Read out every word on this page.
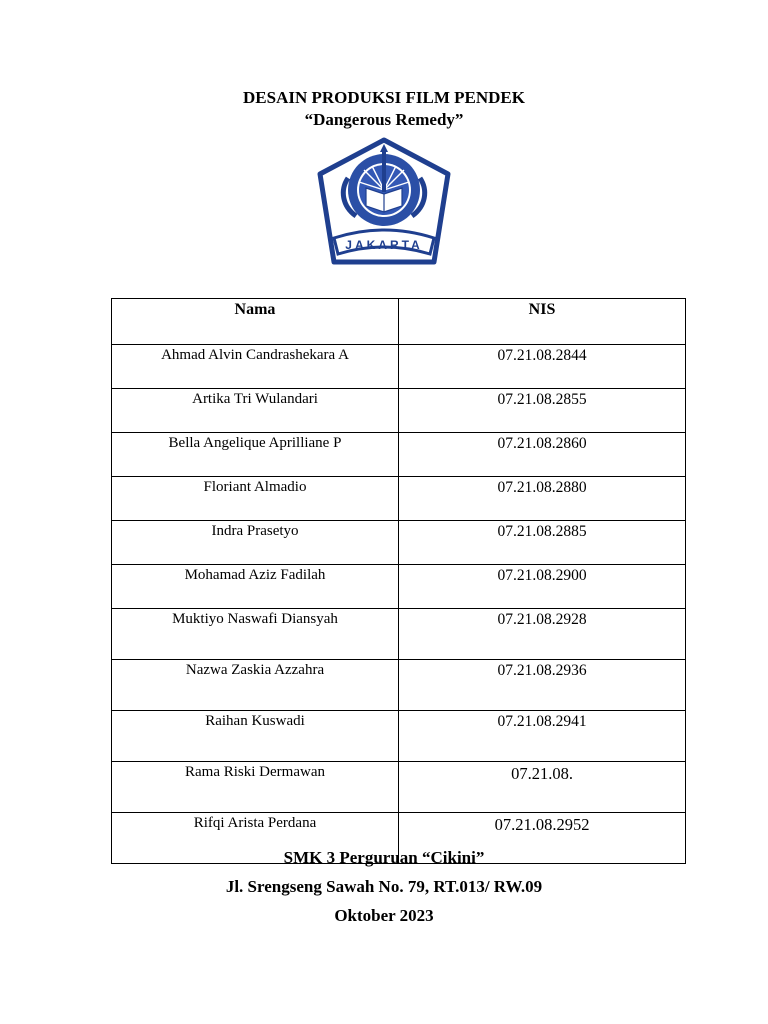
DESAIN PRODUKSI FILM PENDEK
“Dangerous Remedy”
JAKARTA
Nama	NIS
Ahmad Alvin Candrashekara A	07.21.08.2844
Artika Tri Wulandari	07.21.08.2855
Bella Angelique Aprilliane P	07.21.08.2860
Floriant Almadio	07.21.08.2880
Indra Prasetyo	07.21.08.2885
Mohamad Aziz Fadilah	07.21.08.2900
Muktiyo Naswafi Diansyah	07.21.08.2928
Nazwa Zaskia Azzahra	07.21.08.2936
Raihan Kuswadi	07.21.08.2941
Rama Riski Dermawan	07.21.08.
Rifqi Arista Perdana	07.21.08.2952
SMK 3 Perguruan “Cikini”
Jl. Srengseng Sawah No. 79, RT.013/ RW.09
Oktober 2023
